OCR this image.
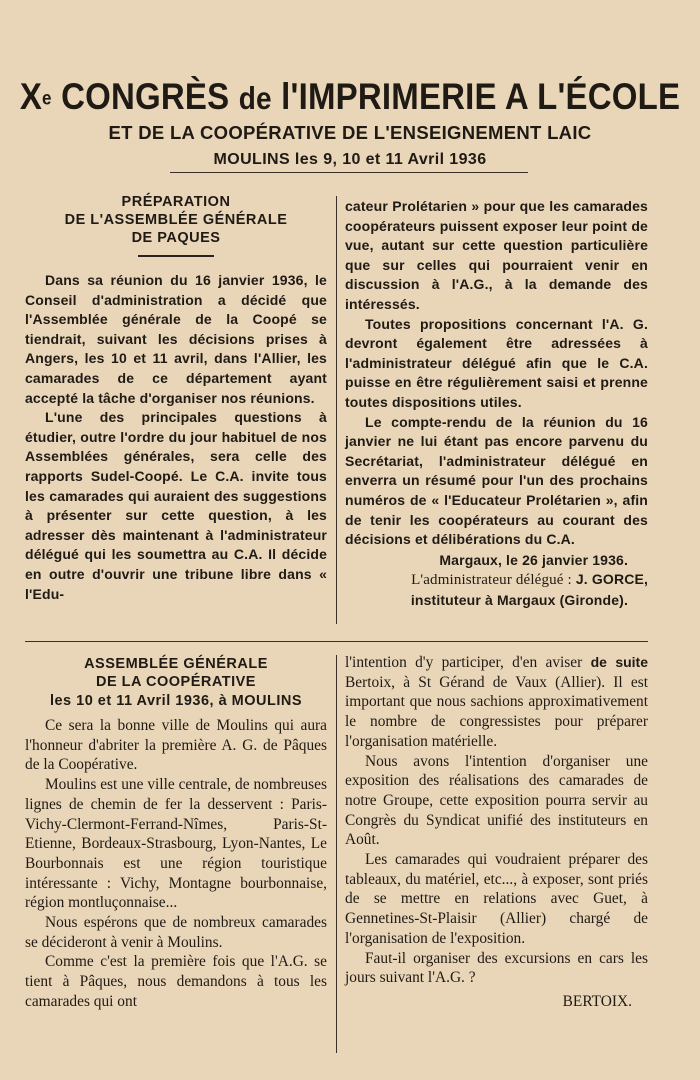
Xe CONGRÈS de l'IMPRIMERIE A L'ÉCOLE
ET DE LA COOPÉRATIVE DE L'ENSEIGNEMENT LAIC
MOULINS les 9, 10 et 11 Avril 1936
PRÉPARATION
DE L'ASSEMBLÉE GÉNÉRALE
DE PAQUES

Dans sa réunion du 16 janvier 1936, le Conseil d'administration a décidé que l'Assemblée générale de la Coopé se tiendrait, suivant les décisions prises à Angers, les 10 et 11 avril, dans l'Allier, les camarades de ce département ayant accepté la tâche d'organiser nos réunions.

L'une des principales questions à étudier, outre l'ordre du jour habituel de nos Assemblées générales, sera celle des rapports Sudel-Coopé. Le C.A. invite tous les camarades qui auraient des suggestions à présenter sur cette question, à les adresser dès maintenant à l'administrateur délégué qui les soumettra au C.A. Il décide en outre d'ouvrir une tribune libre dans « l'Edu-

cateur Prolétarien » pour que les camarades coopérateurs puissent exposer leur point de vue, autant sur cette question particulière que sur celles qui pourraient venir en discussion à l'A.G., à la demande des intéressés.

Toutes propositions concernant l'A. G. devront également être adressées à l'administrateur délégué afin que le C.A. puisse en être régulièrement saisi et prenne toutes dispositions utiles.

Le compte-rendu de la réunion du 16 janvier ne lui étant pas encore parvenu du Secrétariat, l'administrateur délégué en enverra un résumé pour l'un des prochains numéros de « l'Educateur Prolétarien », afin de tenir les coopérateurs au courant des décisions et délibérations du C.A.

Margaux, le 26 janvier 1936.
L'administrateur délégué : J. GORCE,
instituteur à Margaux (Gironde).
ASSEMBLÉE GÉNÉRALE
DE LA COOPÉRATIVE
les 10 et 11 Avril 1936, à MOULINS

Ce sera la bonne ville de Moulins qui aura l'honneur d'abriter la première A. G. de Pâques de la Coopérative.

Moulins est une ville centrale, de nombreuses lignes de chemin de fer la desservent : Paris-Vichy-Clermont-Ferrand-Nîmes, Paris-St-Etienne, Bordeaux-Strasbourg, Lyon-Nantes, Le Bourbonnais est une région touristique intéressante : Vichy, Montagne bourbonnaise, région montluçonnaise...

Nous espérons que de nombreux camarades se décideront à venir à Moulins.

Comme c'est la première fois que l'A.G. se tient à Pâques, nous demandons à tous les camarades qui ont

l'intention d'y participer, d'en aviser de suite Bertoix, à St Gérand de Vaux (Allier). Il est important que nous sachions approximativement le nombre de congressistes pour préparer l'organisation matérielle.

Nous avons l'intention d'organiser une exposition des réalisations des camarades de notre Groupe, cette exposition pourra servir au Congrès du Syndicat unifié des instituteurs en Août.

Les camarades qui voudraient préparer des tableaux, du matériel, etc..., à exposer, sont priés de se mettre en relations avec Guet, à Gennetines-St-Plaisir (Allier) chargé de l'organisation de l'exposition.

Faut-il organiser des excursions en cars les jours suivant l'A.G. ?

BERTOIX.
